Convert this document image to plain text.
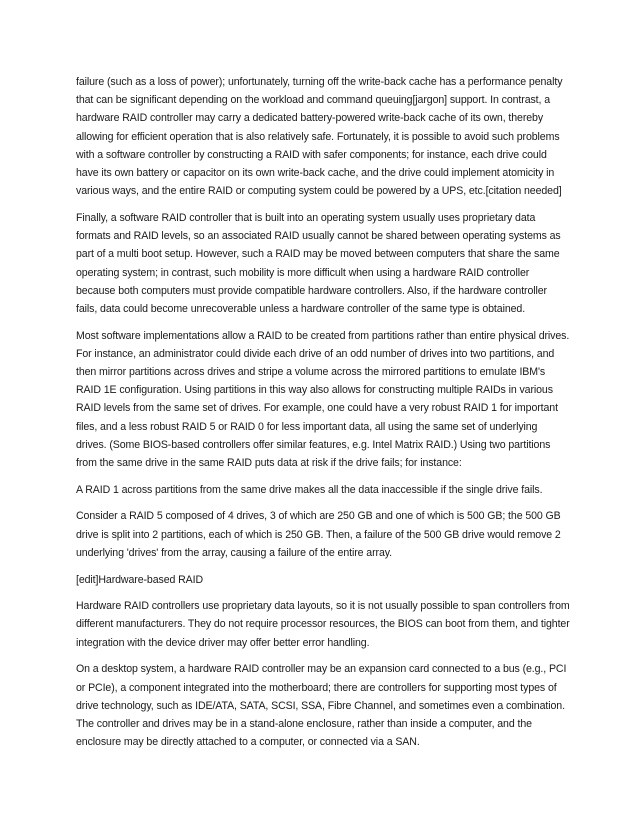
failure (such as a loss of power); unfortunately, turning off the write-back cache has a performance penalty that can be significant depending on the workload and command queuing[jargon] support. In contrast, a hardware RAID controller may carry a dedicated battery-powered write-back cache of its own, thereby allowing for efficient operation that is also relatively safe. Fortunately, it is possible to avoid such problems with a software controller by constructing a RAID with safer components; for instance, each drive could have its own battery or capacitor on its own write-back cache, and the drive could implement atomicity in various ways, and the entire RAID or computing system could be powered by a UPS, etc.[citation needed]

Finally, a software RAID controller that is built into an operating system usually uses proprietary data formats and RAID levels, so an associated RAID usually cannot be shared between operating systems as part of a multi boot setup. However, such a RAID may be moved between computers that share the same operating system; in contrast, such mobility is more difficult when using a hardware RAID controller because both computers must provide compatible hardware controllers. Also, if the hardware controller fails, data could become unrecoverable unless a hardware controller of the same type is obtained.

Most software implementations allow a RAID to be created from partitions rather than entire physical drives. For instance, an administrator could divide each drive of an odd number of drives into two partitions, and then mirror partitions across drives and stripe a volume across the mirrored partitions to emulate IBM's RAID 1E configuration. Using partitions in this way also allows for constructing multiple RAIDs in various RAID levels from the same set of drives. For example, one could have a very robust RAID 1 for important files, and a less robust RAID 5 or RAID 0 for less important data, all using the same set of underlying drives. (Some BIOS-based controllers offer similar features, e.g. Intel Matrix RAID.) Using two partitions from the same drive in the same RAID puts data at risk if the drive fails; for instance:

A RAID 1 across partitions from the same drive makes all the data inaccessible if the single drive fails.

Consider a RAID 5 composed of 4 drives, 3 of which are 250 GB and one of which is 500 GB; the 500 GB drive is split into 2 partitions, each of which is 250 GB. Then, a failure of the 500 GB drive would remove 2 underlying 'drives' from the array, causing a failure of the entire array.

[edit]Hardware-based RAID

Hardware RAID controllers use proprietary data layouts, so it is not usually possible to span controllers from different manufacturers. They do not require processor resources, the BIOS can boot from them, and tighter integration with the device driver may offer better error handling.

On a desktop system, a hardware RAID controller may be an expansion card connected to a bus (e.g., PCI or PCIe), a component integrated into the motherboard; there are controllers for supporting most types of drive technology, such as IDE/ATA, SATA, SCSI, SSA, Fibre Channel, and sometimes even a combination. The controller and drives may be in a stand-alone enclosure, rather than inside a computer, and the enclosure may be directly attached to a computer, or connected via a SAN.
